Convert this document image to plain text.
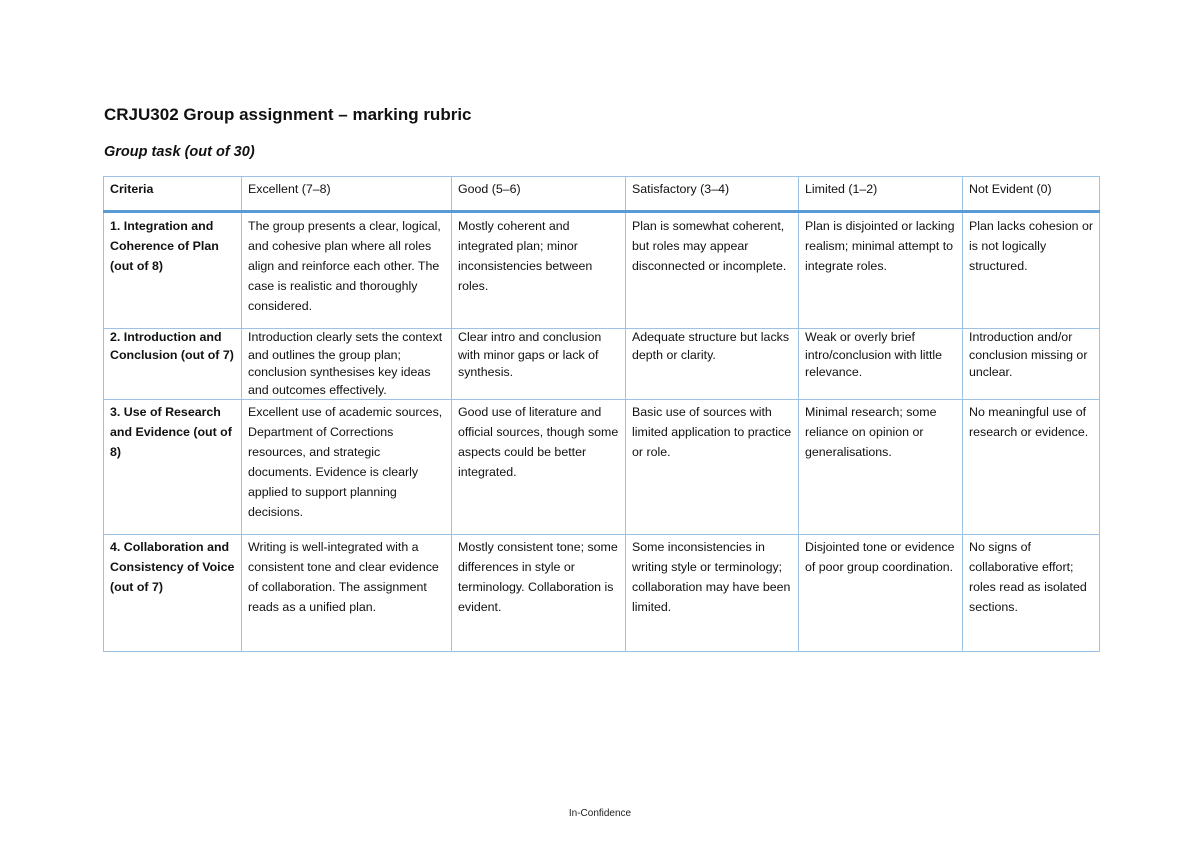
CRJU302 Group assignment – marking rubric
Group task (out of 30)
Criteria	Excellent (7–8)	Good (5–6)	Satisfactory (3–4)	Limited (1–2)	Not Evident (0)
1. Integration and Coherence of Plan (out of 8)	The group presents a clear, logical, and cohesive plan where all roles align and reinforce each other. The case is realistic and thoroughly considered.	Mostly coherent and integrated plan; minor inconsistencies between roles.	Plan is somewhat coherent, but roles may appear disconnected or incomplete.	Plan is disjointed or lacking realism; minimal attempt to integrate roles.	Plan lacks cohesion or is not logically structured.
2. Introduction and Conclusion (out of 7)	Introduction clearly sets the context and outlines the group plan; conclusion synthesises key ideas and outcomes effectively.	Clear intro and conclusion with minor gaps or lack of synthesis.	Adequate structure but lacks depth or clarity.	Weak or overly brief intro/conclusion with little relevance.	Introduction and/or conclusion missing or unclear.
3. Use of Research and Evidence (out of 8)	Excellent use of academic sources, Department of Corrections resources, and strategic documents. Evidence is clearly applied to support planning decisions.	Good use of literature and official sources, though some aspects could be better integrated.	Basic use of sources with limited application to practice or role.	Minimal research; some reliance on opinion or generalisations.	No meaningful use of research or evidence.
4. Collaboration and Consistency of Voice (out of 7)	Writing is well-integrated with a consistent tone and clear evidence of collaboration. The assignment reads as a unified plan.	Mostly consistent tone; some differences in style or terminology. Collaboration is evident.	Some inconsistencies in writing style or terminology; collaboration may have been limited.	Disjointed tone or evidence of poor group coordination.	No signs of collaborative effort; roles read as isolated sections.
In-Confidence
